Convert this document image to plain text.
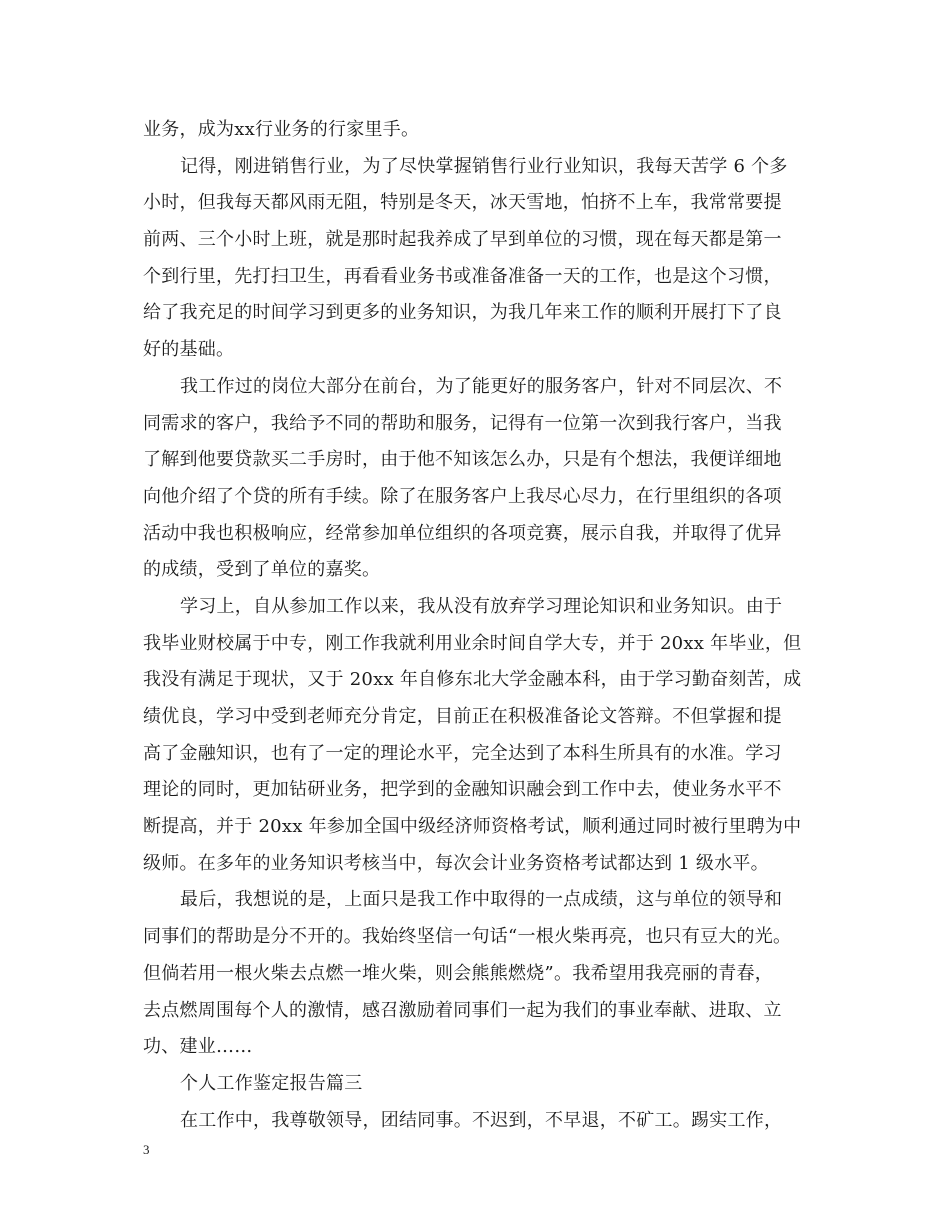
业务，成为xx行业务的行家里手。
记得，刚进销售行业，为了尽快掌握销售行业行业知识，我每天苦学 6 个多
小时，但我每天都风雨无阻，特别是冬天，冰天雪地，怕挤不上车，我常常要提
前两、三个小时上班，就是那时起我养成了早到单位的习惯，现在每天都是第一
个到行里，先打扫卫生，再看看业务书或准备准备一天的工作，也是这个习惯，
给了我充足的时间学习到更多的业务知识，为我几年来工作的顺利开展打下了良
好的基础。
我工作过的岗位大部分在前台，为了能更好的服务客户，针对不同层次、不
同需求的客户，我给予不同的帮助和服务，记得有一位第一次到我行客户，当我
了解到他要贷款买二手房时，由于他不知该怎么办，只是有个想法，我便详细地
向他介绍了个贷的所有手续。除了在服务客户上我尽心尽力，在行里组织的各项
活动中我也积极响应，经常参加单位组织的各项竞赛，展示自我，并取得了优异
的成绩，受到了单位的嘉奖。
学习上，自从参加工作以来，我从没有放弃学习理论知识和业务知识。由于
我毕业财校属于中专，刚工作我就利用业余时间自学大专，并于 20xx 年毕业，但
我没有满足于现状，又于 20xx 年自修东北大学金融本科，由于学习勤奋刻苦，成
绩优良，学习中受到老师充分肯定，目前正在积极准备论文答辩。不但掌握和提
高了金融知识，也有了一定的理论水平，完全达到了本科生所具有的水准。学习
理论的同时，更加钻研业务，把学到的金融知识融会到工作中去，使业务水平不
断提高，并于 20xx 年参加全国中级经济师资格考试，顺利通过同时被行里聘为中
级师。在多年的业务知识考核当中，每次会计业务资格考试都达到 1 级水平。
最后，我想说的是，上面只是我工作中取得的一点成绩，这与单位的领导和
同事们的帮助是分不开的。我始终坚信一句话“一根火柴再亮，也只有豆大的光。
但倘若用一根火柴去点燃一堆火柴，则会熊熊燃烧”。我希望用我亮丽的青春，
去点燃周围每个人的激情，感召激励着同事们一起为我们的事业奉献、进取、立
功、建业……
个人工作鉴定报告篇三
在工作中，我尊敬领导，团结同事。不迟到，不早退，不矿工。踢实工作，
3
